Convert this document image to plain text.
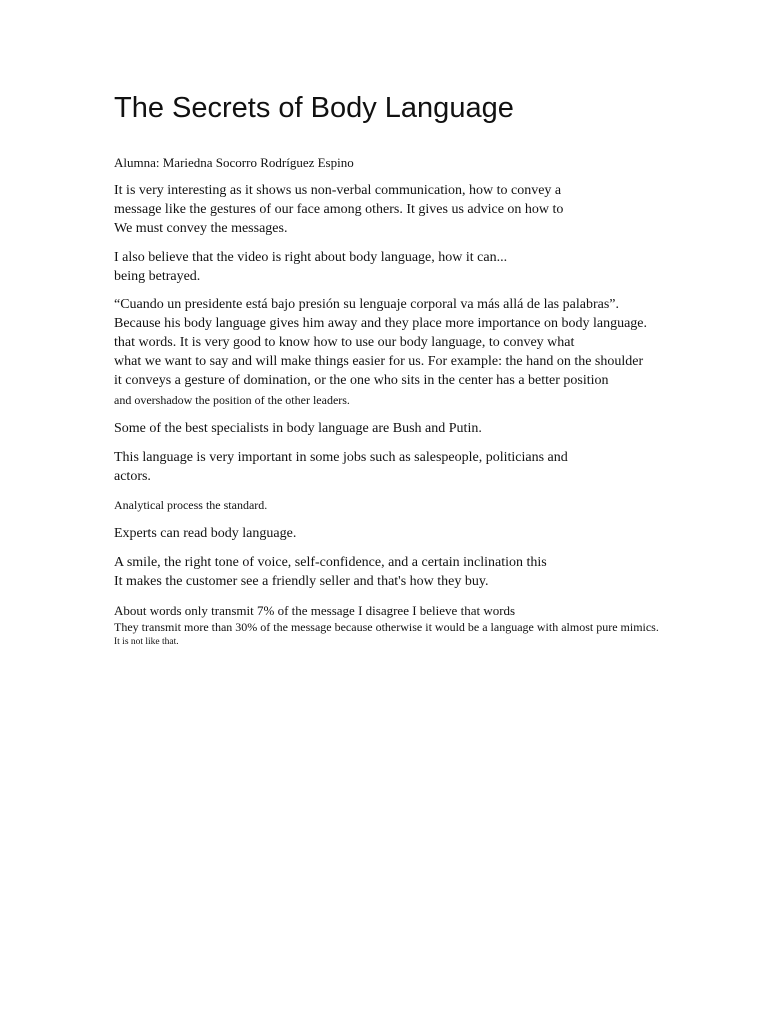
The Secrets of Body Language

Alumna: Mariedna Socorro Rodríguez Espino

It is very interesting as it shows us non-verbal communication, how to convey a

message like the gestures of our face among others. It gives us advice on how to

We must convey the messages.

I also believe that the video is right about body language, how it can...

being betrayed.

“Cuando un presidente está bajo presión su lenguaje corporal va más allá de las palabras”.

Because his body language gives him away and they place more importance on body language.

that words. It is very good to know how to use our body language, to convey what

what we want to say and will make things easier for us. For example: the hand on the shoulder

it conveys a gesture of domination, or the one who sits in the center has a better position

and overshadow the position of the other leaders.

Some of the best specialists in body language are Bush and Putin.

This language is very important in some jobs such as salespeople, politicians and

actors.

Analytical process the standard.

Experts can read body language.

A smile, the right tone of voice, self-confidence, and a certain inclination this

It makes the customer see a friendly seller and that's how they buy.

About words only transmit 7% of the message I disagree I believe that words

They transmit more than 30% of the message because otherwise it would be a language with almost pure mimics.

It is not like that.
